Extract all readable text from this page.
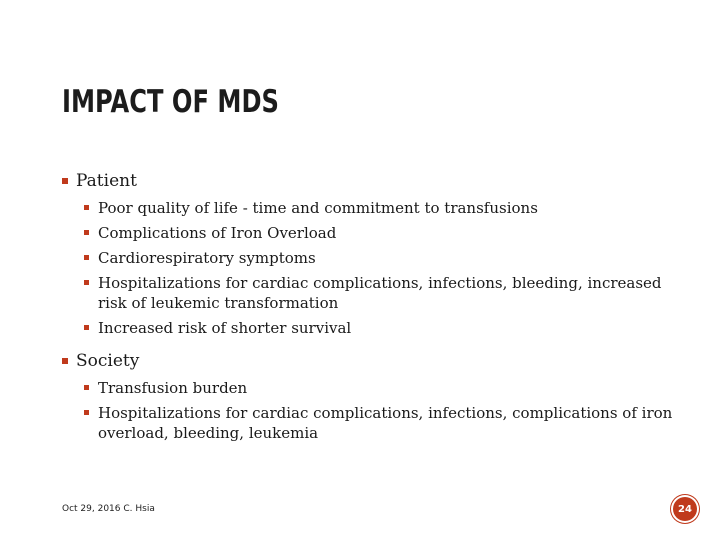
IMPACT OF MDS
Patient
Poor quality of life - time and commitment to transfusions
Complications of Iron Overload
Cardiorespiratory symptoms
Hospitalizations for cardiac complications, infections, bleeding, increased risk of leukemic transformation
Increased risk of shorter survival
Society
Transfusion burden
Hospitalizations for cardiac complications, infections, complications of iron overload, bleeding, leukemia
Oct 29, 2016 C. Hsia	24
